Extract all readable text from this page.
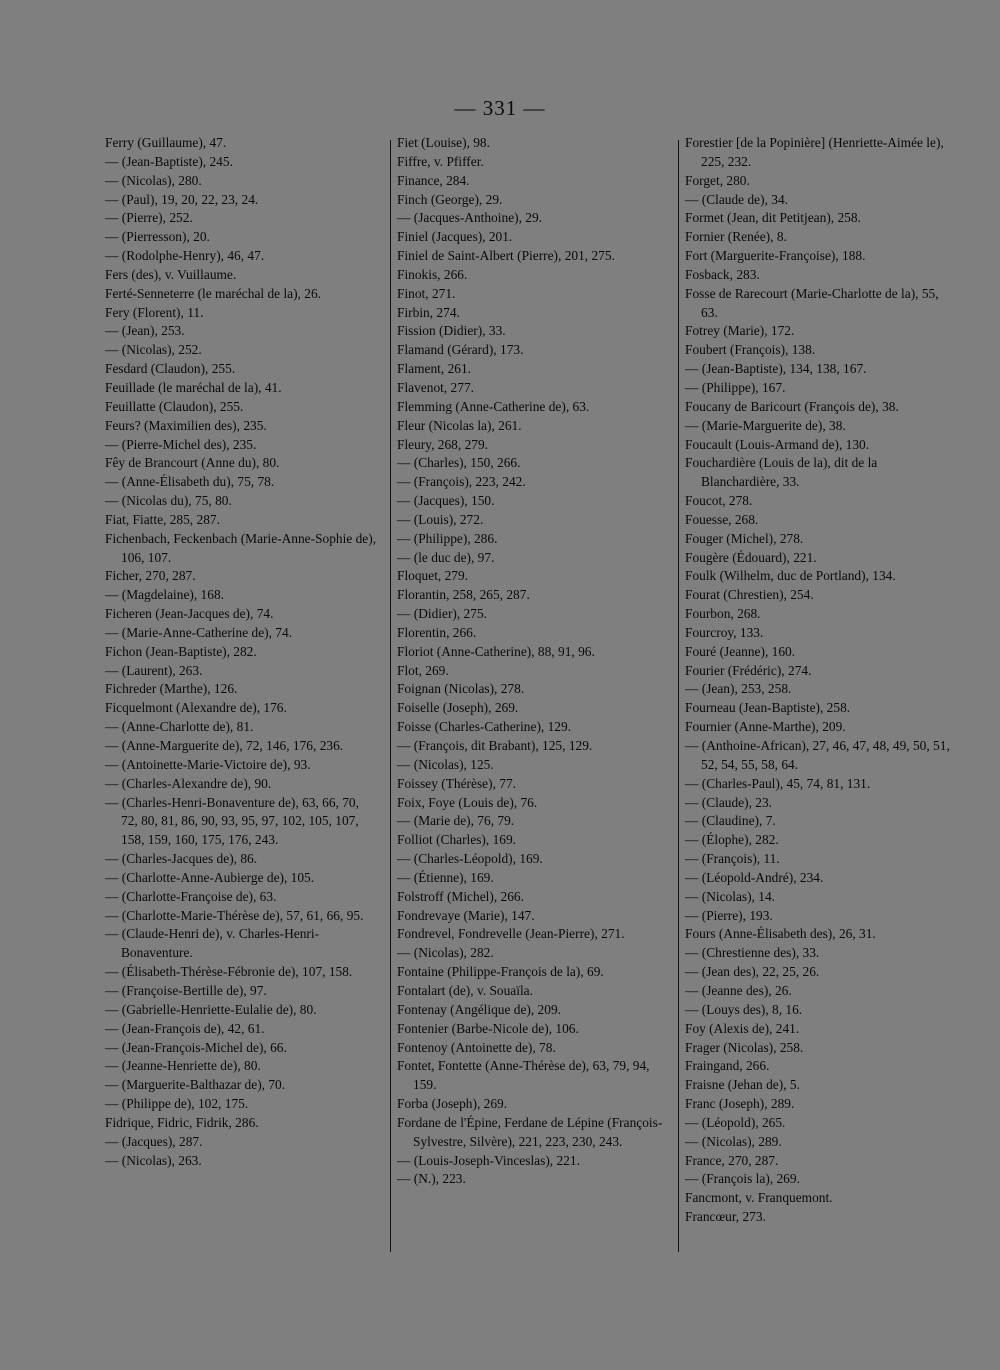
— 331 —
Ferry (Guillaume), 47.
— (Jean-Baptiste), 245.
— (Nicolas), 280.
— (Paul), 19, 20, 22, 23, 24.
— (Pierre), 252.
— (Pierresson), 20.
— (Rodolphe-Henry), 46, 47.
Fers (des), v. Vuillaume.
Ferté-Senneterre (le maréchal de la), 26.
Fery (Florent), 11.
— (Jean), 253.
— (Nicolas), 252.
Fesdard (Claudon), 255.
Feuillade (le maréchal de la), 41.
Feuillatte (Claudon), 255.
Feurs? (Maximilien des), 235.
— (Pierre-Michel des), 235.
Fêy de Brancourt (Anne du), 80.
— (Anne-Élisabeth du), 75, 78.
— (Nicolas du), 75, 80.
Fiat, Fiatte, 285, 287.
Fichenbach, Feckenbach (Marie-Anne-Sophie de), 106, 107.
Ficher, 270, 287.
— (Magdelaine), 168.
Ficheren (Jean-Jacques de), 74.
— (Marie-Anne-Catherine de), 74.
Fichon (Jean-Baptiste), 282.
— (Laurent), 263.
Fichreder (Marthe), 126.
Ficquelmont (Alexandre de), 176.
— (Anne-Charlotte de), 81.
— (Anne-Marguerite de), 72, 146, 176, 236.
— (Antoinette-Marie-Victoire de), 93.
— (Charles-Alexandre de), 90.
— (Charles-Henri-Bonaventure de), 63, 66, 70, 72, 80, 81, 86, 90, 93, 95, 97, 102, 105, 107, 158, 159, 160, 175, 176, 243.
— (Charles-Jacques de), 86.
— (Charlotte-Anne-Aubierge de), 105.
— (Charlotte-Françoise de), 63.
— (Charlotte-Marie-Thérèse de), 57, 61, 66, 95.
— (Claude-Henri de), v. Charles-Henri-Bonaventure.
— (Élisabeth-Thérèse-Fébronie de), 107, 158.
— (Françoise-Bertille de), 97.
— (Gabrielle-Henriette-Eulalie de), 80.
— (Jean-François de), 42, 61.
— (Jean-François-Michel de), 66.
— (Jeanne-Henriette de), 80.
— (Marguerite-Balthazar de), 70.
— (Philippe de), 102, 175.
Fidrique, Fidric, Fidrik, 286.
— (Jacques), 287.
— (Nicolas), 263.
Fiet (Louise), 98.
Fiffre, v. Pfiffer.
Finance, 284.
Finch (George), 29.
— (Jacques-Anthoine), 29.
Finiel (Jacques), 201.
Finiel de Saint-Albert (Pierre), 201, 275.
Finokis, 266.
Finot, 271.
Firbin, 274.
Fission (Didier), 33.
Flamand (Gérard), 173.
Flament, 261.
Flavenot, 277.
Flemming (Anne-Catherine de), 63.
Fleur (Nicolas la), 261.
Fleury, 268, 279.
— (Charles), 150, 266.
— (François), 223, 242.
— (Jacques), 150.
— (Louis), 272.
— (Philippe), 286.
— (le duc de), 97.
Floquet, 279.
Florantin, 258, 265, 287.
— (Didier), 275.
Florentin, 266.
Floriot (Anne-Catherine), 88, 91, 96.
Flot, 269.
Foignan (Nicolas), 278.
Foiselle (Joseph), 269.
Foisse (Charles-Catherine), 129.
— (François, dit Brabant), 125, 129.
— (Nicolas), 125.
Foissey (Thérèse), 77.
Foix, Foye (Louis de), 76.
— (Marie de), 76, 79.
Folliot (Charles), 169.
— (Charles-Léopold), 169.
— (Étienne), 169.
Folstroff (Michel), 266.
Fondrevaye (Marie), 147.
Fondrevel, Fondrevelle (Jean-Pierre), 271.
— (Nicolas), 282.
Fontaine (Philippe-François de la), 69.
Fontalart (de), v. Souaïla.
Fontenay (Angélique de), 209.
Fontenier (Barbe-Nicole de), 106.
Fontenoy (Antoinette de), 78.
Fontet, Fontette (Anne-Thérèse de), 63, 79, 94, 159.
Forba (Joseph), 269.
Fordane de l'Épine, Ferdane de Lépine (François-Sylvestre, Silvère), 221, 223, 230, 243.
— (Louis-Joseph-Vinceslas), 221.
— (N.), 223.
Forestier [de la Popinière] (Henriette-Aimée le), 225, 232.
Forget, 280.
— (Claude de), 34.
Formet (Jean, dit Petitjean), 258.
Fornier (Renée), 8.
Fort (Marguerite-Françoise), 188.
Fosback, 283.
Fosse de Rarecourt (Marie-Charlotte de la), 55, 63.
Fotrey (Marie), 172.
Foubert (François), 138.
— (Jean-Baptiste), 134, 138, 167.
— (Philippe), 167.
Foucany de Baricourt (François de), 38.
— (Marie-Marguerite de), 38.
Foucault (Louis-Armand de), 130.
Fouchardière (Louis de la), dit de la Blanchardière, 33.
Foucot, 278.
Fouesse, 268.
Fouger (Michel), 278.
Fougère (Édouard), 221.
Foulk (Wilhelm, duc de Portland), 134.
Fourat (Chrestien), 254.
Fourbon, 268.
Fourcroy, 133.
Fouré (Jeanne), 160.
Fourier (Frédéric), 274.
— (Jean), 253, 258.
Fourneau (Jean-Baptiste), 258.
Fournier (Anne-Marthe), 209.
— (Anthoine-African), 27, 46, 47, 48, 49, 50, 51, 52, 54, 55, 58, 64.
— (Charles-Paul), 45, 74, 81, 131.
— (Claude), 23.
— (Claudine), 7.
— (Élophe), 282.
— (François), 11.
— (Léopold-André), 234.
— (Nicolas), 14.
— (Pierre), 193.
Fours (Anne-Élisabeth des), 26, 31.
— (Chrestienne des), 33.
— (Jean des), 22, 25, 26.
— (Jeanne des), 26.
— (Louys des), 8, 16.
Foy (Alexis de), 241.
Frager (Nicolas), 258.
Fraingand, 266.
Fraisne (Jehan de), 5.
Franc (Joseph), 289.
— (Léopold), 265.
— (Nicolas), 289.
France, 270, 287.
— (François la), 269.
Fancmont, v. Franquemont.
Francœur, 273.
